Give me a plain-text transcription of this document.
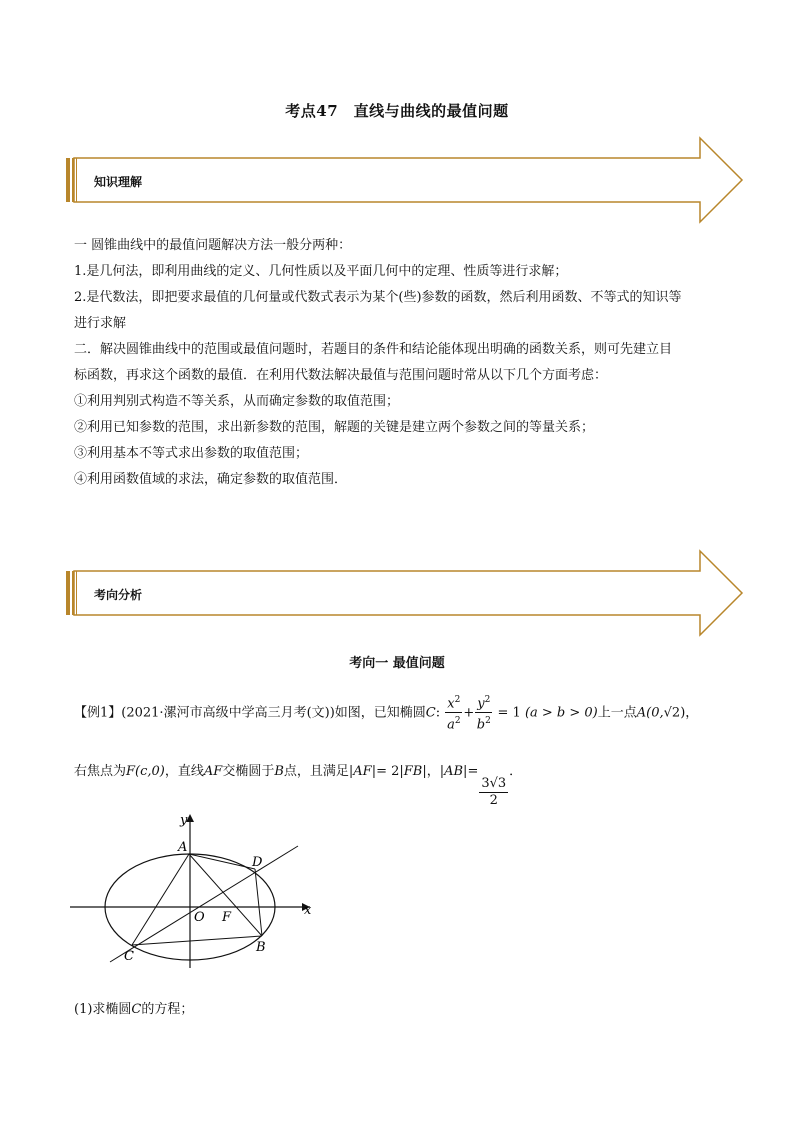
考点47　直线与曲线的最值问题
知识理解

一 圆锥曲线中的最值问题解决方法一般分两种：

1.是几何法，即利用曲线的定义、几何性质以及平面几何中的定理、性质等进行求解；

2.是代数法，即把要求最值的几何量或代数式表示为某个(些)参数的函数，然后利用函数、不等式的知识等

进行求解

二．解决圆锥曲线中的范围或最值问题时，若题目的条件和结论能体现出明确的函数关系，则可先建立目

标函数，再求这个函数的最值．在利用代数法解决最值与范围问题时常从以下几个方面考虑：

①利用判别式构造不等关系，从而确定参数的取值范围；

②利用已知参数的范围，求出新参数的范围，解题的关键是建立两个参数之间的等量关系；

③利用基本不等式求出参数的取值范围；

④利用函数值域的求法，确定参数的取值范围．

考向分析
考向一 最值问题
【例1】(2021·漯河市高级中学高三月考(文))如图，已知椭圆C: $\frac{x^2}{a^2} + \frac{y^2}{b^2} = 1$ (a > b > 0)上一点A(0,√2)，
右焦点为F(c,0)，直线AF交椭圆于B点，且满足|AF|= 2|FB|，|AB|=
$\frac{3√3}{2}$
．
y
x
A
D
O F
B
C
(1)求椭圆C的方程；
